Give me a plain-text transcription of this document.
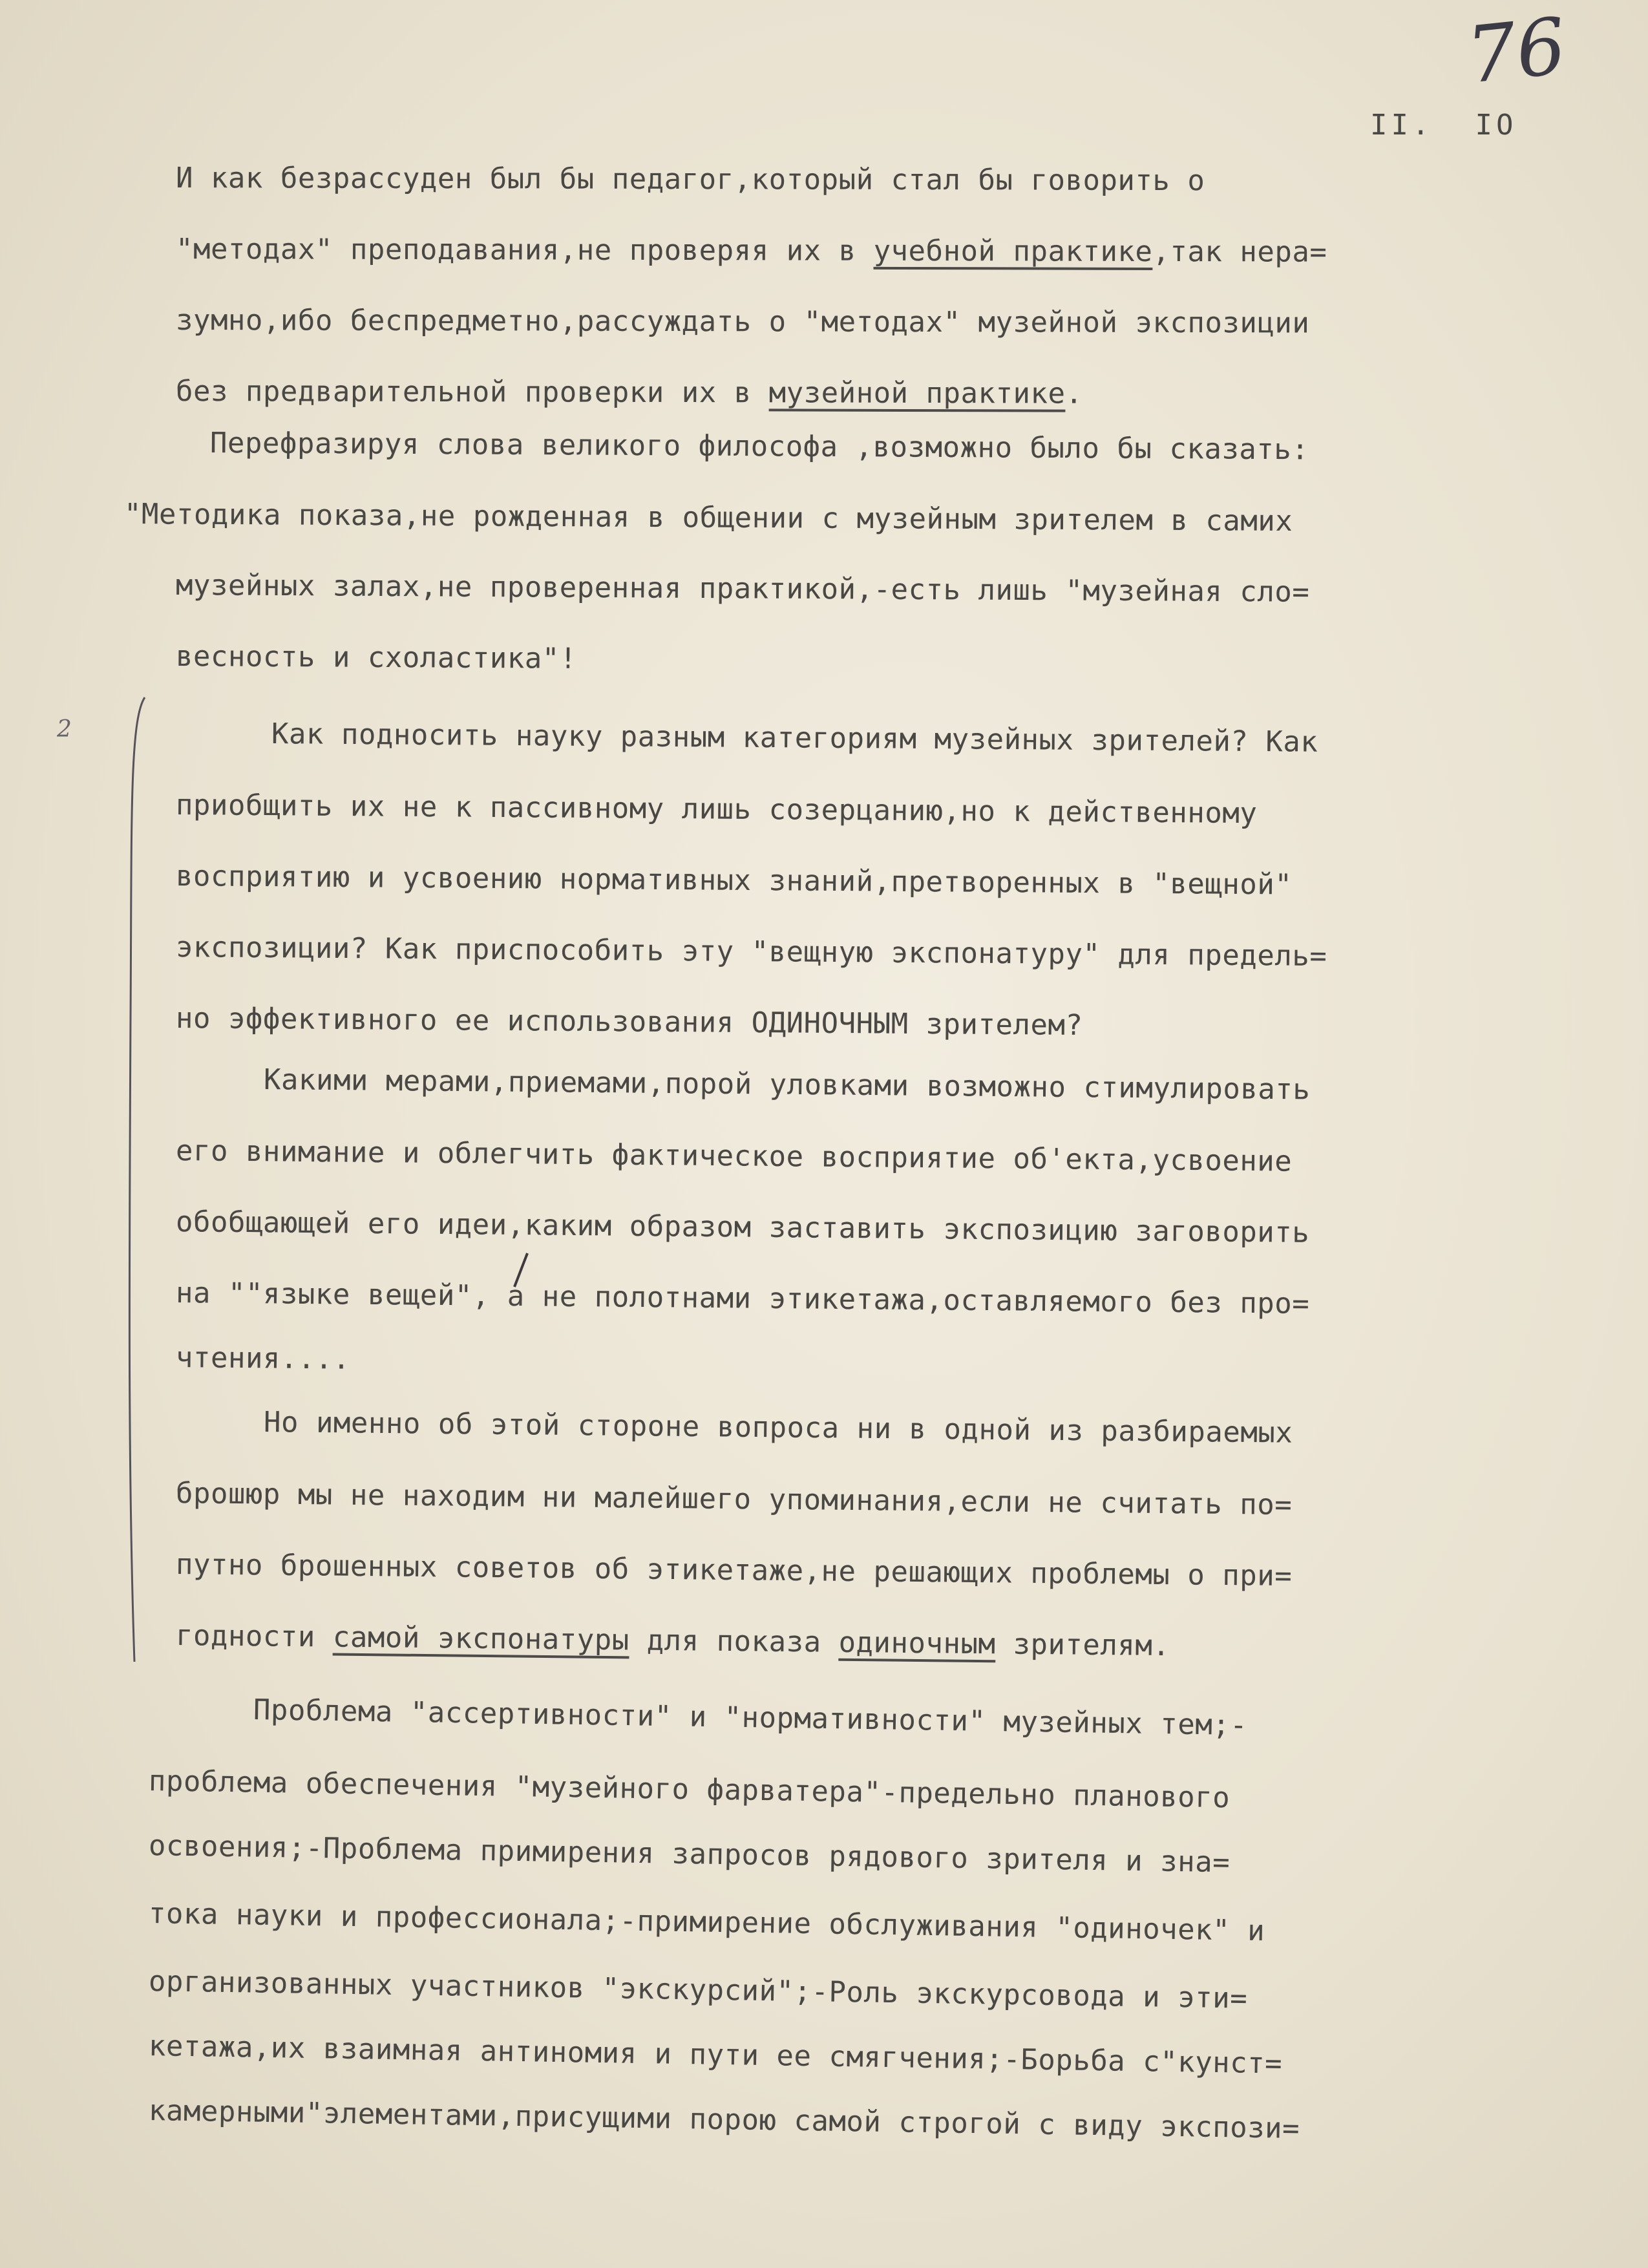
76
II.  IO
2
И как безрассуден был бы педагог,который стал бы говорить о
"методах" преподавания,не проверяя их в учебной практике,так нера=
зумно,ибо беспредметно,рассуждать о "методах" музейной экспозиции
без предварительной проверки их в музейной практике.
Перефразируя слова великого философа ,возможно было бы сказать:
"Методика показа,не рожденная в общении с музейным зрителем в самих
музейных залах,не проверенная практикой,-есть лишь "музейная сло=
весность и схоластика"!
Как подносить науку разным категориям музейных зрителей? Как
приобщить их не к пассивному лишь созерцанию,но к действенному
восприятию и усвоению нормативных знаний,претворенных в "вещной"
экспозиции? Как приспособить эту "вещную экспонатуру" для предель=
но эффективного ее использования ОДИНОЧНЫМ зрителем?
Какими мерами,приемами,порой уловками возможно стимулировать
его внимание и облегчить фактическое восприятие об'екта,усвоение
обобщающей его идеи,каким образом заставить экспозицию заговорить
на ""языке вещей", а не полотнами этикетажа,оставляемого без про=
чтения....
Но именно об этой стороне вопроса ни в одной из разбираемых
брошюр мы не находим ни малейшего упоминания,если не считать по=
путно брошенных советов об этикетаже,не решающих проблемы о при=
годности самой экспонатуры для показа одиночным зрителям.
Проблема "ассертивности" и "нормативности" музейных тем;-
проблема обеспечения "музейного фарватера"-предельно планового
освоения;-Проблема примирения запросов рядового зрителя и зна=
тока науки и профессионала;-примирение обслуживания "одиночек" и
организованных участников "экскурсий";-Роль экскурсовода и эти=
кетажа,их взаимная антиномия и пути ее смягчения;-Борьба с"кунст=
камерными"элементами,присущими порою самой строгой с виду экспози=
